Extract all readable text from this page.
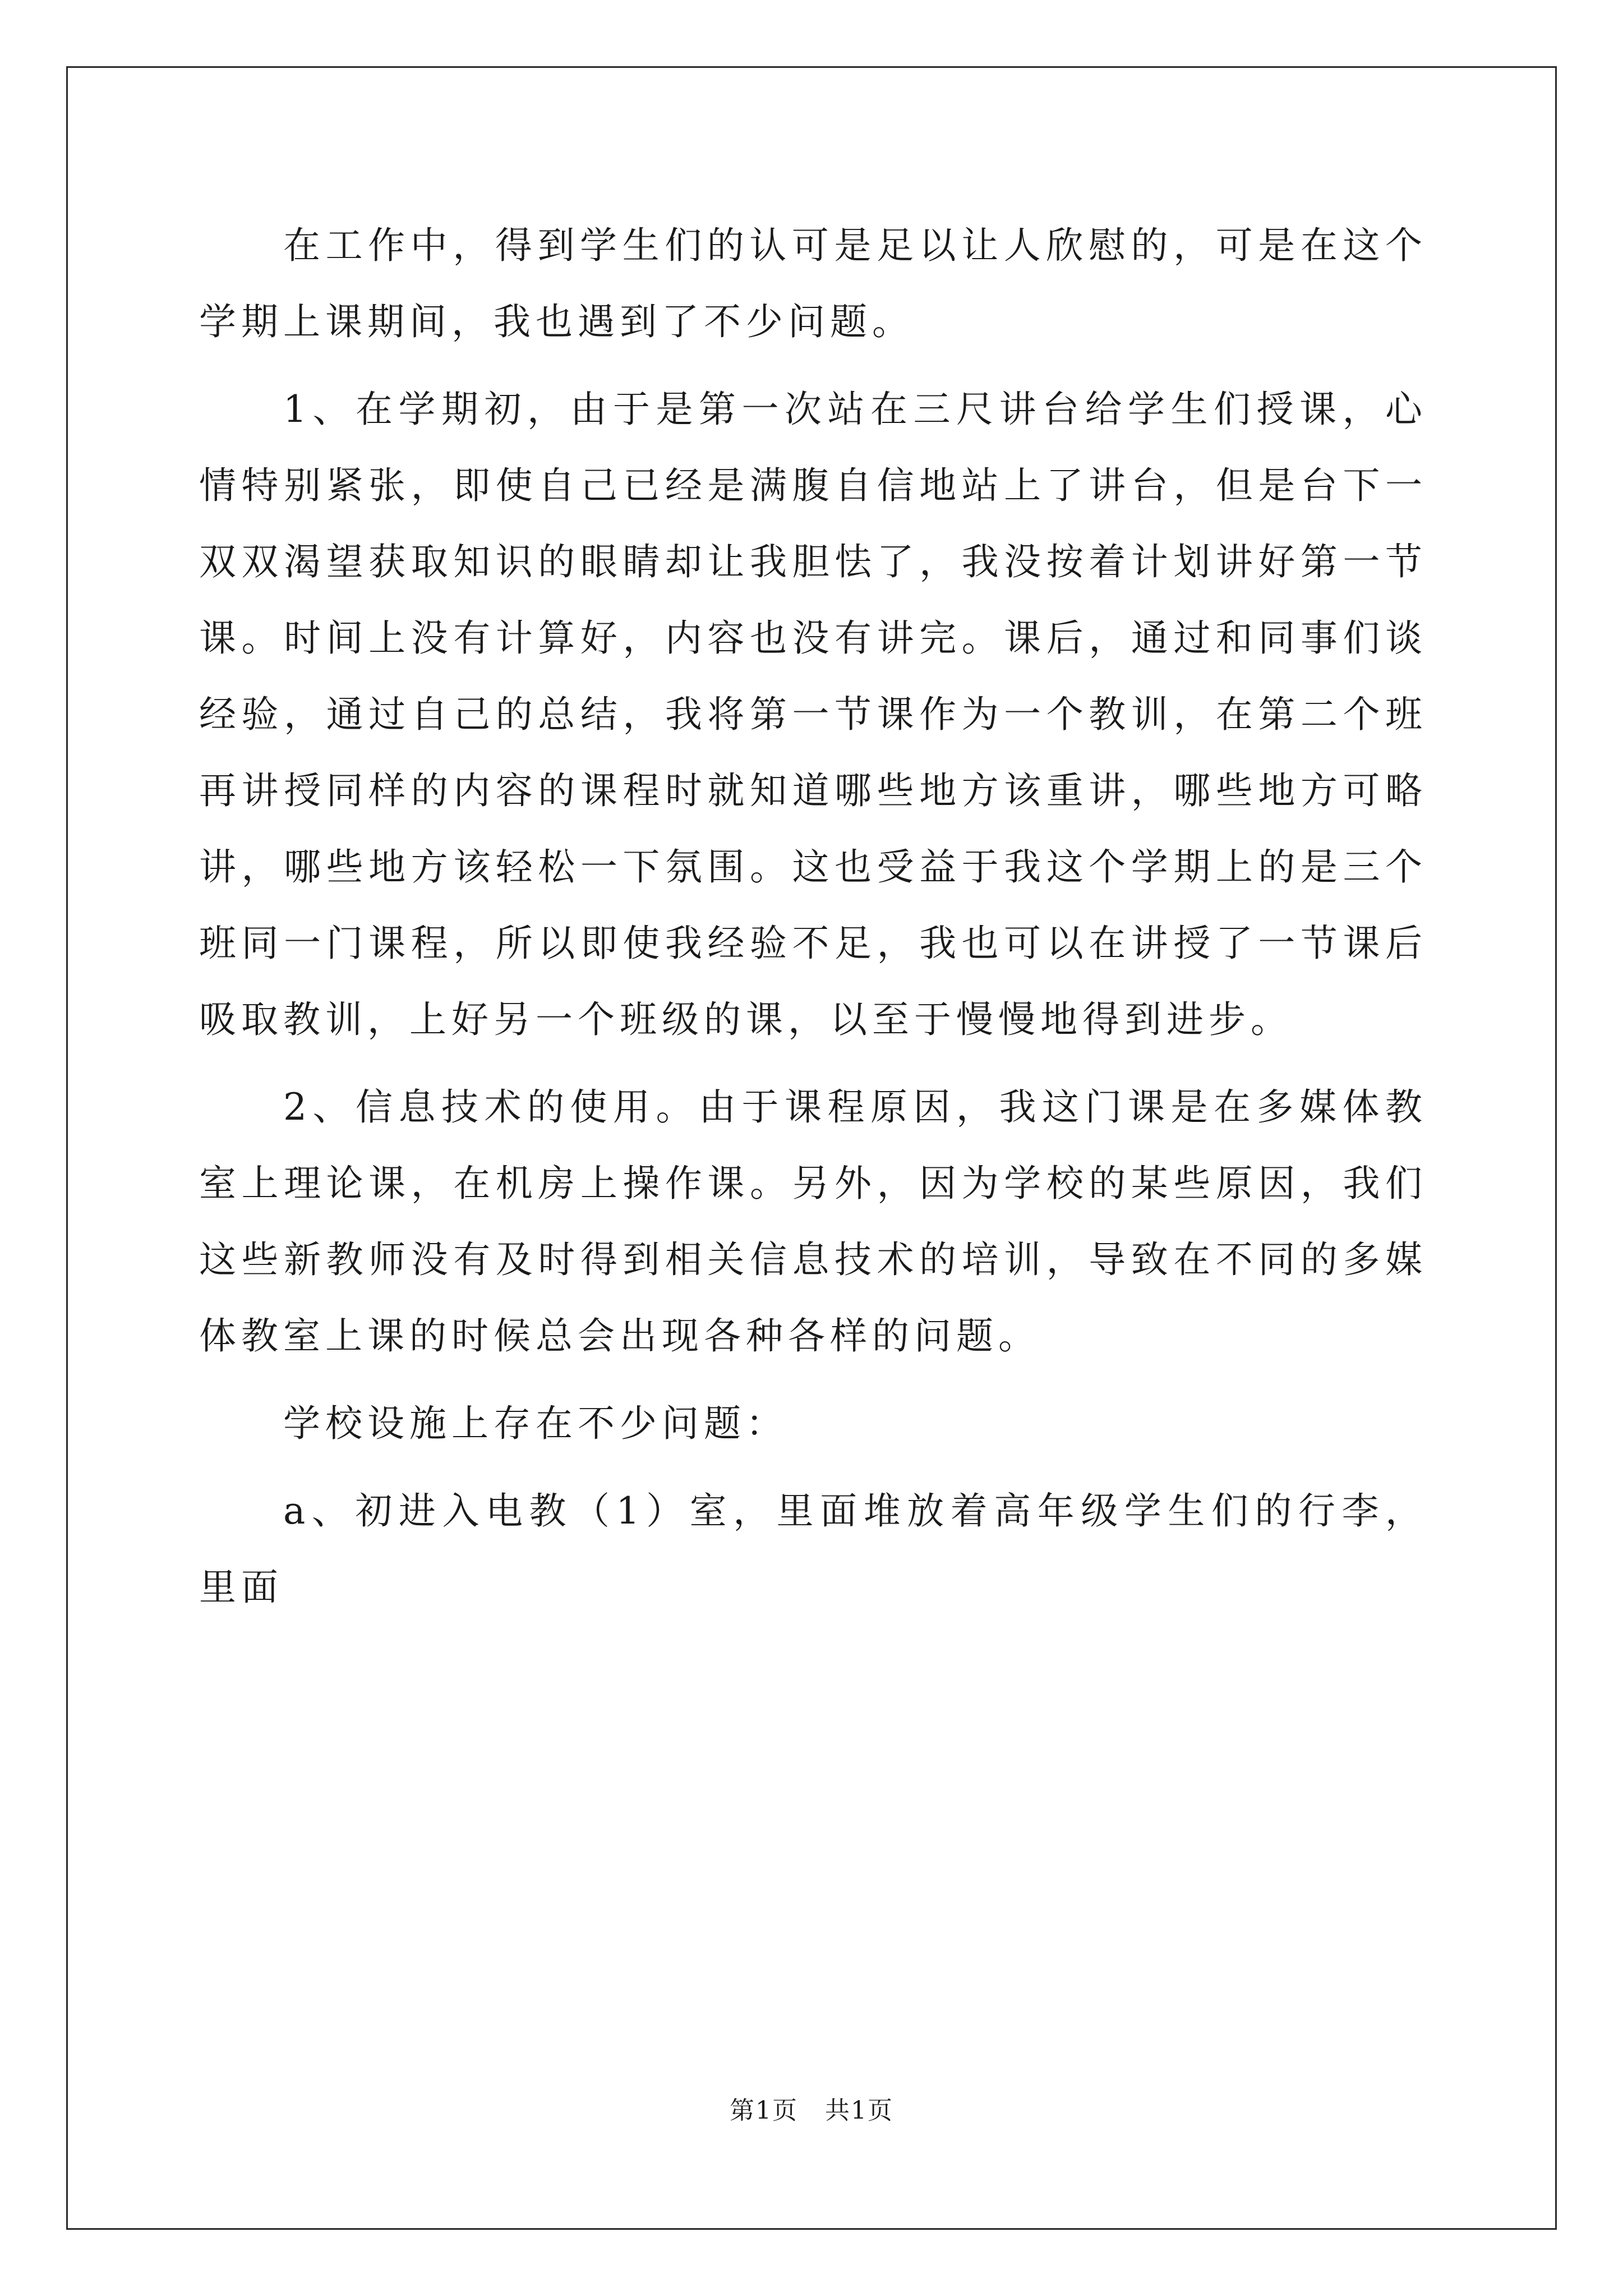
在工作中，得到学生们的认可是足以让人欣慰的，可是在这个学期上课期间，我也遇到了不少问题。

1、在学期初，由于是第一次站在三尺讲台给学生们授课，心情特别紧张，即使自己已经是满腹自信地站上了讲台，但是台下一双双渴望获取知识的眼睛却让我胆怯了，我没按着计划讲好第一节课。时间上没有计算好，内容也没有讲完。课后，通过和同事们谈经验，通过自己的总结，我将第一节课作为一个教训，在第二个班再讲授同样的内容的课程时就知道哪些地方该重讲，哪些地方可略讲，哪些地方该轻松一下氛围。这也受益于我这个学期上的是三个班同一门课程，所以即使我经验不足，我也可以在讲授了一节课后吸取教训，上好另一个班级的课，以至于慢慢地得到进步。

2、信息技术的使用。由于课程原因，我这门课是在多媒体教室上理论课，在机房上操作课。另外，因为学校的某些原因，我们这些新教师没有及时得到相关信息技术的培训，导致在不同的多媒体教室上课的时候总会出现各种各样的问题。

学校设施上存在不少问题：

a、初进入电教（1）室，里面堆放着高年级学生们的行李，里面

第1页 共1页
